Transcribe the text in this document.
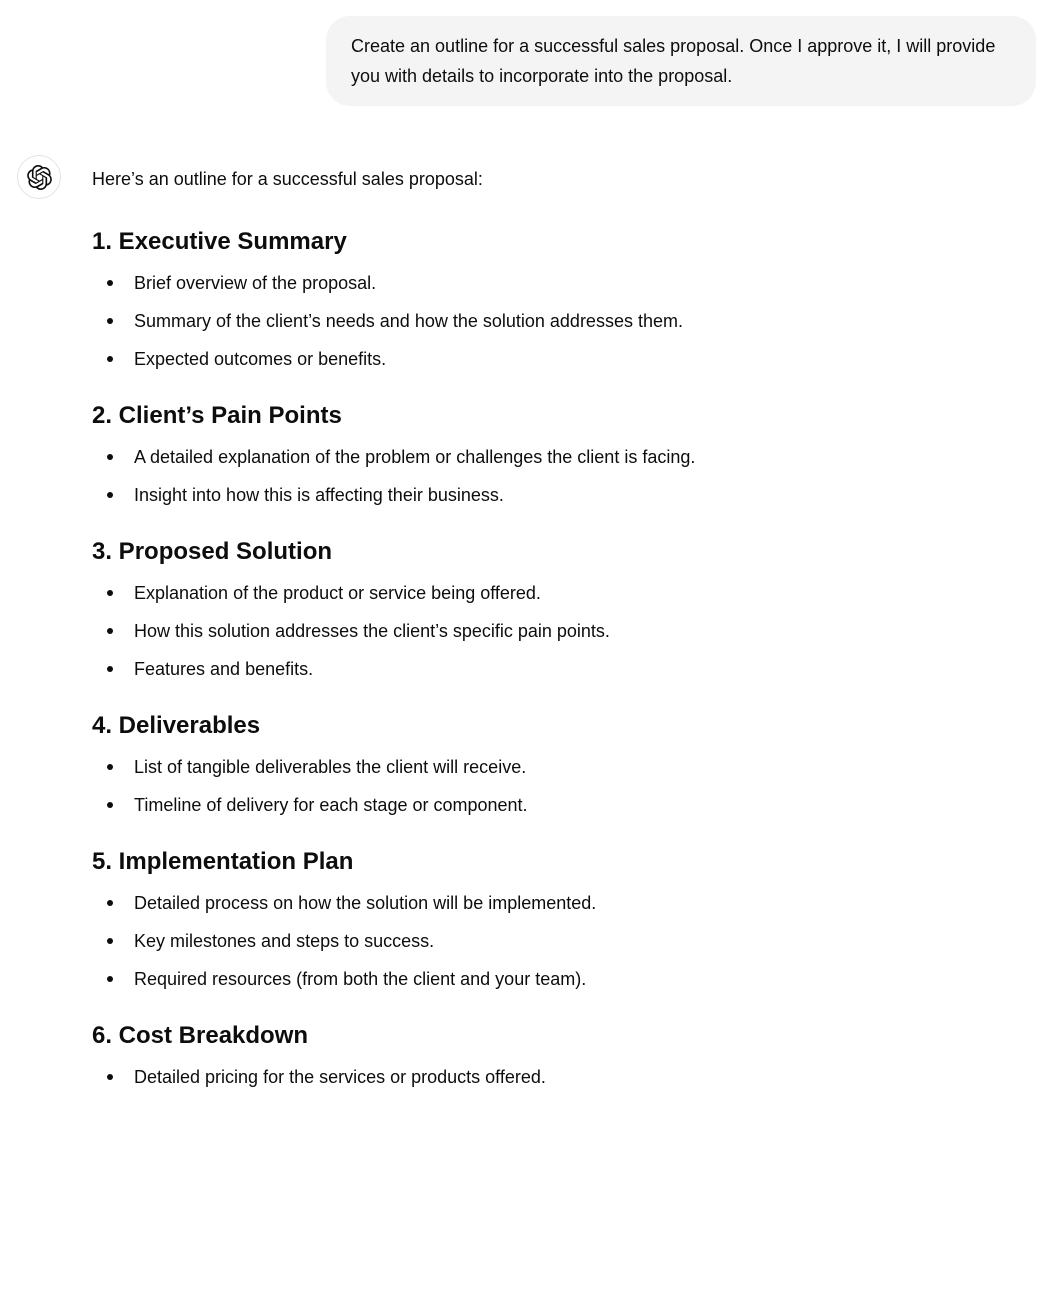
Create an outline for a successful sales proposal. Once I approve it, I will provide you with details to incorporate into the proposal.

Here’s an outline for a successful sales proposal:

1. Executive Summary
Brief overview of the proposal.
Summary of the client’s needs and how the solution addresses them.
Expected outcomes or benefits.
2. Client’s Pain Points
A detailed explanation of the problem or challenges the client is facing.
Insight into how this is affecting their business.
3. Proposed Solution
Explanation of the product or service being offered.
How this solution addresses the client’s specific pain points.
Features and benefits.
4. Deliverables
List of tangible deliverables the client will receive.
Timeline of delivery for each stage or component.
5. Implementation Plan
Detailed process on how the solution will be implemented.
Key milestones and steps to success.
Required resources (from both the client and your team).
6. Cost Breakdown
Detailed pricing for the services or products offered.
